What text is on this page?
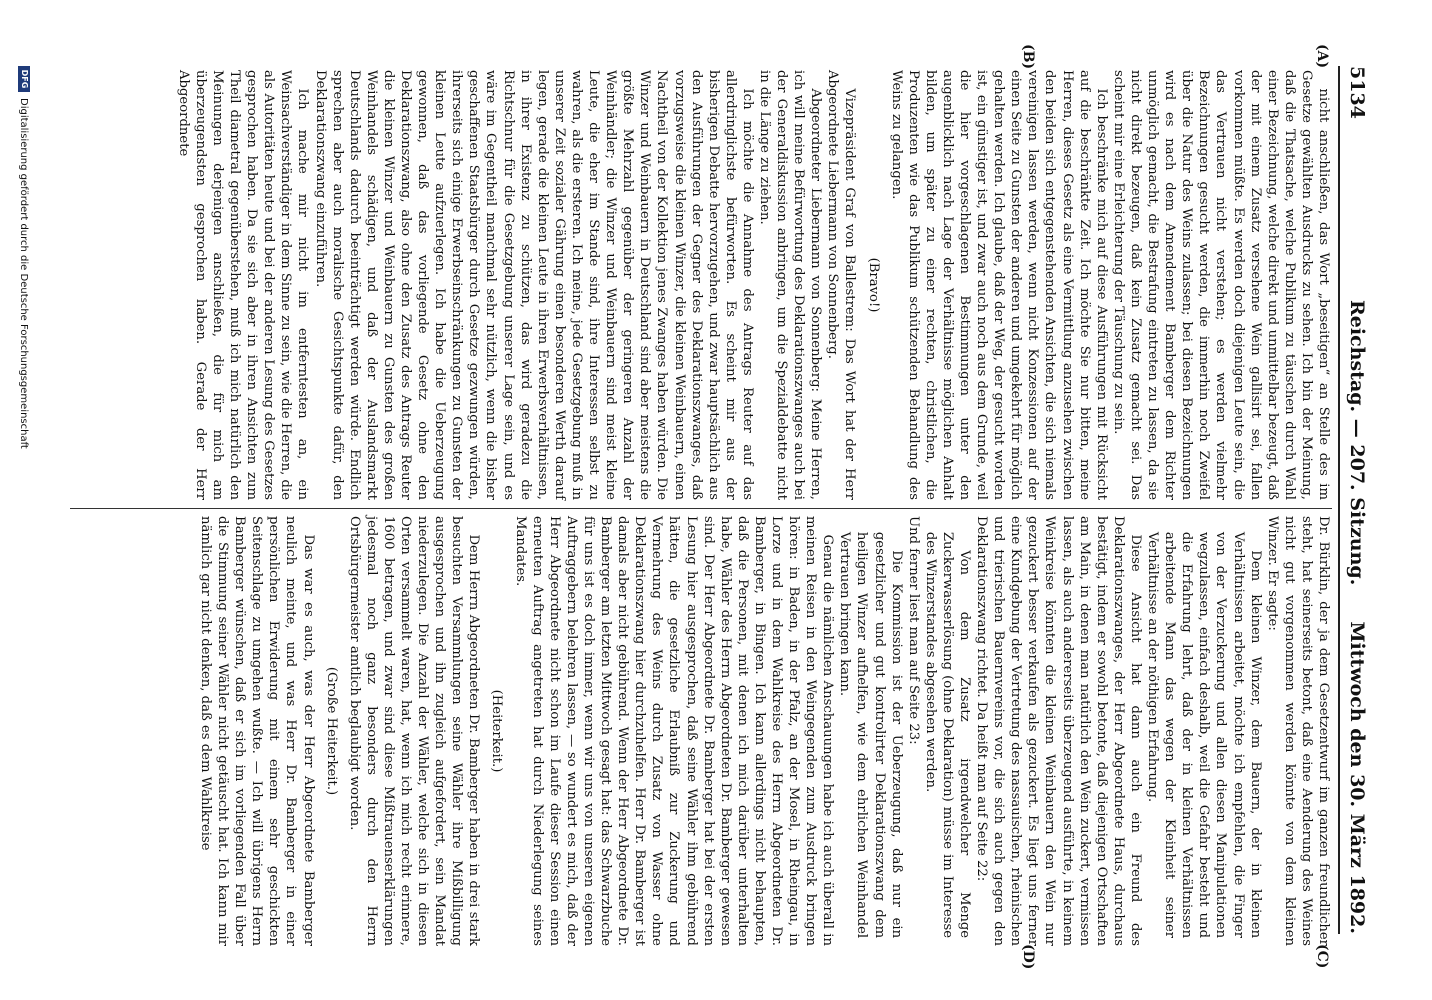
5134
Reichstag. — 207. Sitzung.
Mittwoch den 30. März 1892.
(A)
(B)
(C)
(D)

nicht anschließen, das Wort „beseitigen“ an Stelle des im Gesetze gewählten Ausdrucks zu sehen. Ich bin der Meinung, daß die Thatsache, welche Publikum zu täuschen durch Wahl einer Bezeichnung, welche direkt und unmittelbar bezeugt, daß der mit einem Zusatz versehene Wein gallisirt sei, fallen vorkommen müßte. Es werden doch diejenigen Leute sein, die das Vertrauen nicht verstehen; es werden vielmehr Bezeichnungen gesucht werden, die immerhin noch Zweifel über die Natur des Weins zulassen; bei diesen Bezeichnungen wird es nach dem Amendement Bamberger dem Richter unmöglich gemacht, die Bestrafung eintreten zu lassen, da sie nicht direkt bezeugen, daß kein Zusatz gemacht sei. Das scheint mir eine Erleichterung der Täuschung zu sein.

Ich beschränke mich auf diese Ausführungen mit Rücksicht auf die beschränkte Zeit. Ich möchte Sie nur bitten, meine Herren, dieses Gesetz als eine Vermittlung anzusehen zwischen den beiden sich entgegenstehenden Ansichten, die sich niemals vereinigen lassen werden, wenn nicht Konzessionen auf der einen Seite zu Gunsten der anderen und umgekehrt für möglich gehalten werden. Ich glaube, daß der Weg, der gesucht worden ist, ein günstiger ist, und zwar auch noch aus dem Grunde, weil die hier vorgeschlagenen Bestimmungen unter den augenblicklich nach Lage der Verhältnisse möglichen Anhalt bilden, um später zu einer rechten, christlichen, die Produzenten wie das Publikum schützenden Behandlung des Weins zu gelangen.

(Bravo!)

Vizepräsident Graf von Ballestrem: Das Wort hat der Herr Abgeordnete Liebermann von Sonnenberg.

Abgeordneter Liebermann von Sonnenberg: Meine Herren, ich will meine Befürwortung des Deklarationszwanges auch bei der Generaldiskussion anbringen, um die Spezialdebatte nicht in die Länge zu ziehen.

Ich möchte die Annahme des Antrags Reuter auf das allerdringlichste befürworten. Es scheint mir aus der bisherigen Debatte hervorzugehen, und zwar hauptsächlich aus den Ausführungen der Gegner des Deklarationszwanges, daß vorzugsweise die kleinen Winzer, die kleinen Weinbauern, einen Nachtheil von der Kollektion jenes Zwanges haben würden. Die Winzer und Weinbauern in Deutschland sind aber meistens die größte Mehrzahl gegenüber der geringeren Anzahl der Weinhändler; die Winzer und Weinbauern sind meist kleine Leute, die eher im Stande sind, ihre Interessen selbst zu wahren, als die ersteren. Ich meine, jede Gesetzgebung muß in unserer Zeit sozialer Gährung einen besonderen Werth darauf legen, gerade die kleinen Leute in ihren Erwerbsverhältnissen, in ihrer Existenz zu schützen, das wird geradezu die Richtschnur für die Gesetzgebung unserer Lage sein, und es wäre im Gegentheil manchmal sehr nützlich, wenn die bisher geschaffenen Staatsbürger durch Gesetze gezwungen würden, ihrerseits sich einige Erwerbseinschränkungen zu Gunsten der kleinen Leute aufzuerlegen. Ich habe die Ueberzeugung gewonnen, daß das vorliegende Gesetz ohne den Deklarationszwang, also ohne den Zusatz des Antrags Reuter die kleinen Winzer und Weinbauern zu Gunsten des großen Weinhandels schädigen, und daß der Auslandsmarkt Deutschlands dadurch beeinträchtigt werden würde. Endlich sprechen aber auch moralische Gesichtspunkte dafür, den Deklarationszwang einzuführen.

Ich mache mir nicht im entferntesten an, ein Weinsachverständiger in dem Sinne zu sein, wie die Herren, die als Autoritäten heute und bei der anderen Lesung des Gesetzes gesprochen haben. Da sie sich aber in ihren Ansichten zum Theil diametral gegenüberstehen, muß ich mich natürlich den Meinungen derjenigen anschließen, die für mich am überzeugendsten gesprochen haben. Gerade der Herr Abgeordnete

Dr. Bürklin, der ja dem Gesetzentwurf im ganzen freundlicher steht, hat seinerseits betont, daß eine Aenderung des Weines nicht gut vorgenommen werden könnte von dem kleinen Winzer. Er sagte:

Dem kleinen Winzer, dem Bauern, der in kleinen Verhältnissen arbeitet, möchte ich empfehlen, die Finger von der Verzuckerung und allen diesen Manipulationen wegzulassen, einfach deshalb, weil die Gefahr besteht und die Erfahrung lehrt, daß der in kleinen Verhältnissen arbeitende Mann das wegen der Kleinheit seiner Verhältnisse an der nöthigen Erfahrung.

Diese Ansicht hat dann auch ein Freund des Deklarationszwanges, der Herr Abgeordnete Haus, durchaus bestätigt, indem er sowohl betonte, daß diejenigen Ortschaften am Main, in denen man natürlich den Wein zuckert, vermissen lassen, als auch andererseits überzeugend ausführte, in keinem Weinkreise könnten die kleinen Weinbauern den Wein nur gezuckert besser verkaufen als gezuckert. Es liegt uns ferner eine Kundgebung der Vertretung des nassauischen, rheinischen und trierischen Bauernvereins vor, die sich auch gegen den Deklarationszwang richtet. Da heißt man auf Seite 22:

Von dem Zusatz irgendwelcher Menge Zuckerwasserlösung (ohne Deklaration) müsse im Interesse des Winzerstandes abgesehen werden.

Und ferner liest man auf Seite 23:

Die Kommission ist der Ueberzeugung, daß nur ein gesetzlicher und gut kontrolirter Deklarationszwang dem heiligen Winzer aufhelfen, wie dem ehrlichen Weinhandel Vertrauen bringen kann.

Genau die nämlichen Anschauungen habe ich auch überall in meinen Reisen in den Weingegenden zum Ausdruck bringen hören: in Baden, in der Pfalz, an der Mosel, in Rheingau, in Lorze und in dem Wahlkreise des Herrn Abgeordneten Dr. Bamberger, in Bingen. Ich kann allerdings nicht behaupten, daß die Personen, mit denen ich mich darüber unterhalten habe, Wähler des Herrn Abgeordneten Dr. Bamberger gewesen sind. Der Herr Abgeordnete Dr. Bamberger hat bei der ersten Lesung hier ausgesprochen, daß seine Wähler ihm gebührend hätten, die gesetzliche Erlaubniß zur Zuckerung und Vermehrung des Weins durch Zusatz von Wasser ohne Deklarationszwang hier durchzuhelfen. Herr Dr. Bamberger ist damals aber nicht gebührend. Wenn der Herr Abgeordnete Dr. Bamberger am letzten Mittwoch gesagt hat: das Schwarzbuche für uns ist es doch immer, wenn wir uns von unseren eigenen Auftraggebern belehren lassen, — so wundert es mich, daß der Herr Abgeordnete nicht schon im Laufe dieser Session einen erneuten Auftrag angetreten hat durch Niederlegung seines Mandates.

(Heiterkeit.)

Dem Herrn Abgeordneten Dr. Bamberger haben in drei stark besuchten Versammlungen seine Wähler ihre Mißbilligung ausgesprochen und ihn zugleich aufgefordert, sein Mandat niederzulegen. Die Anzahl der Wähler, welche sich in diesen Orten versammelt waren, hat, wenn ich mich recht erinnere, 1600 betragen, und zwar sind diese Mißtrauenserklärungen jedesmal noch ganz besonders durch den Herrn Ortsbürgermeister amtlich beglaubigt worden.

(Große Heiterkeit.)

Das war es auch, was der Herr Abgeordnete Bamberger neulich meinte, und was Herr Dr. Bamberger in einer persönlichen Erwiderung mit einem sehr geschickten Seitenschlage zu umgehen wußte. — Ich will übrigens Herrn Bamberger wünschen, daß er sich im vorliegenden Fall über die Stimmung seiner Wähler nicht getäuscht hat. Ich kann mir nämlich gar nicht denken, daß es dem Wahlkreise

DFG
Digitalisierung gefördert durch die Deutsche Forschungsgemeinschaft
